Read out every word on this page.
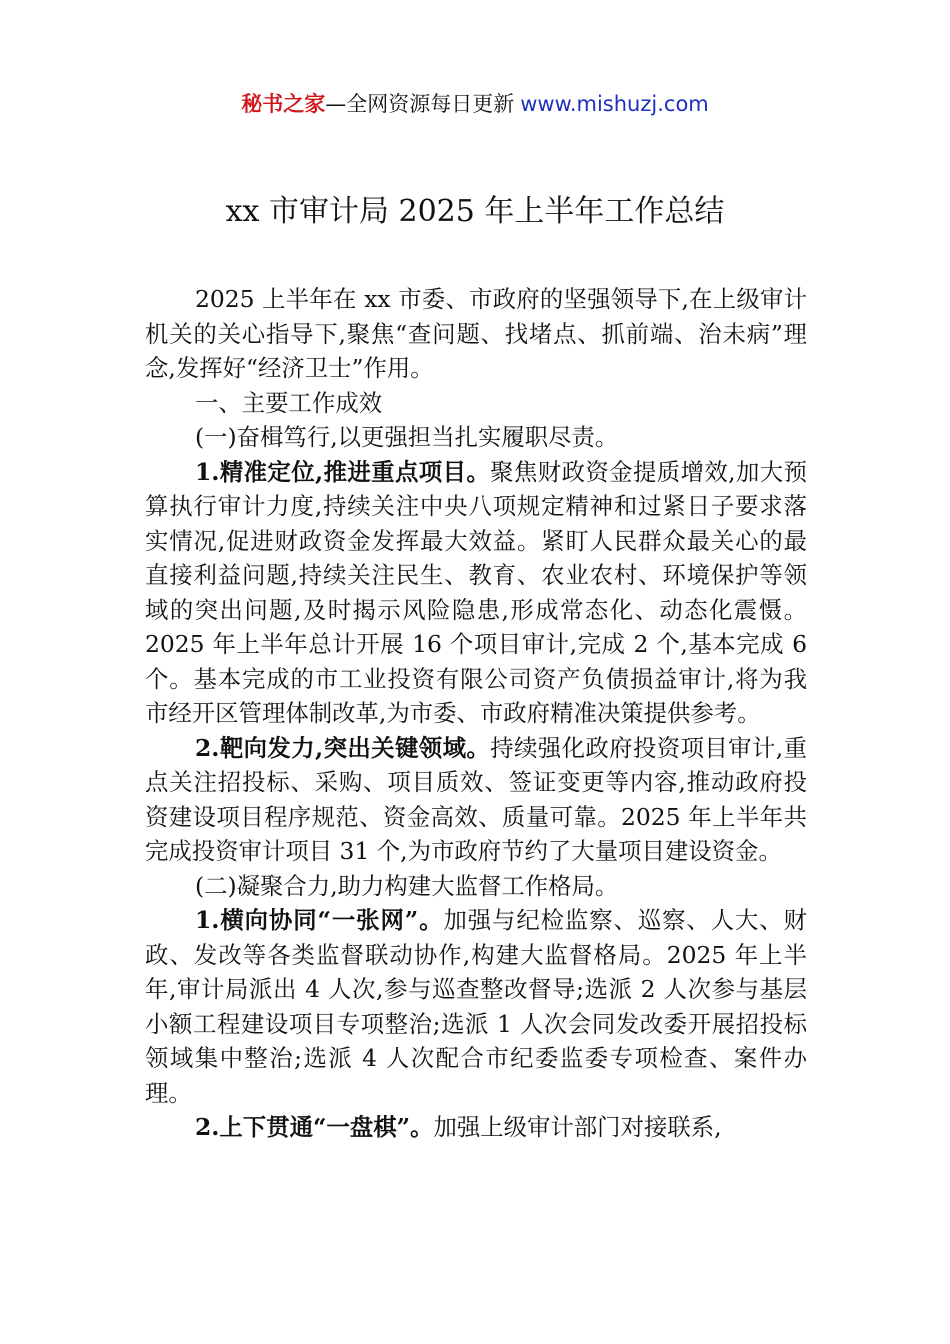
秘书之家—全网资源每日更新 www.mishuzj.com
xx 市审计局 2025 年上半年工作总结

2025 上半年在 xx 市委、市政府的坚强领导下,在上级审计机关的关心指导下,聚焦“查问题、找堵点、抓前端、治未病”理念,发挥好“经济卫士”作用。

一、主要工作成效

(一)奋楫笃行,以更强担当扎实履职尽责。

1.精准定位,推进重点项目。聚焦财政资金提质增效,加大预算执行审计力度,持续关注中央八项规定精神和过紧日子要求落实情况,促进财政资金发挥最大效益。紧盯人民群众最关心的最直接利益问题,持续关注民生、教育、农业农村、环境保护等领域的突出问题,及时揭示风险隐患,形成常态化、动态化震慑。2025 年上半年总计开展 16 个项目审计,完成 2 个,基本完成 6 个。基本完成的市工业投资有限公司资产负债损益审计,将为我市经开区管理体制改革,为市委、市政府精准决策提供参考。

2.靶向发力,突出关键领域。持续强化政府投资项目审计,重点关注招投标、采购、项目质效、签证变更等内容,推动政府投资建设项目程序规范、资金高效、质量可靠。2025 年上半年共完成投资审计项目 31 个,为市政府节约了大量项目建设资金。

(二)凝聚合力,助力构建大监督工作格局。

1.横向协同“一张网”。加强与纪检监察、巡察、人大、财政、发改等各类监督联动协作,构建大监督格局。2025 年上半年,审计局派出 4 人次,参与巡查整改督导;选派 2 人次参与基层小额工程建设项目专项整治;选派 1 人次会同发改委开展招投标领域集中整治;选派 4 人次配合市纪委监委专项检查、案件办理。

2.上下贯通“一盘棋”。加强上级审计部门对接联系,
